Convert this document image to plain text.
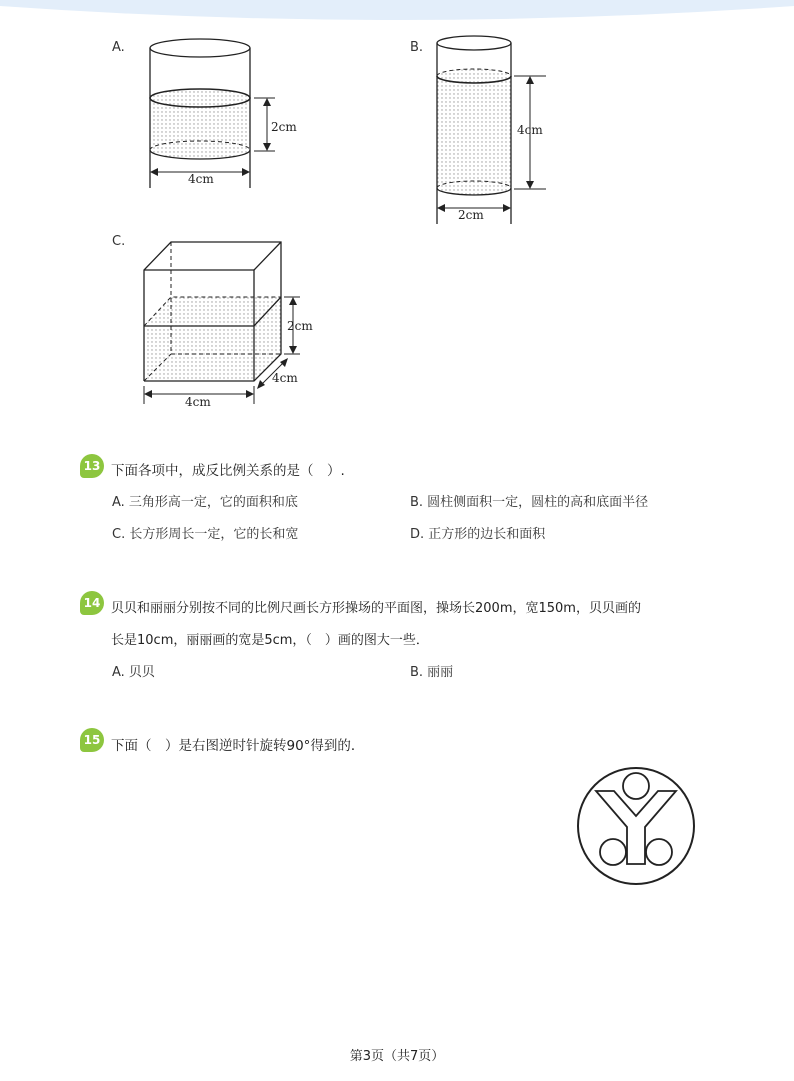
A.
2cm
4cm
B.
4cm
2cm
C.
2cm
4cm
4cm
13 下面各项中，成反比例关系的是（　）.
A. 三角形高一定，它的面积和底	B. 圆柱侧面积一定，圆柱的高和底面半径
C. 长方形周长一定，它的长和宽	D. 正方形的边长和面积
14 贝贝和丽丽分别按不同的比例尺画长方形操场的平面图，操场长200m，宽150m，贝贝画的
长是10cm，丽丽画的宽是5cm，（　）画的图大一些．
A. 贝贝	B. 丽丽
15 下面（　）是右图逆时针旋转90°得到的．
第3页（共7页）
